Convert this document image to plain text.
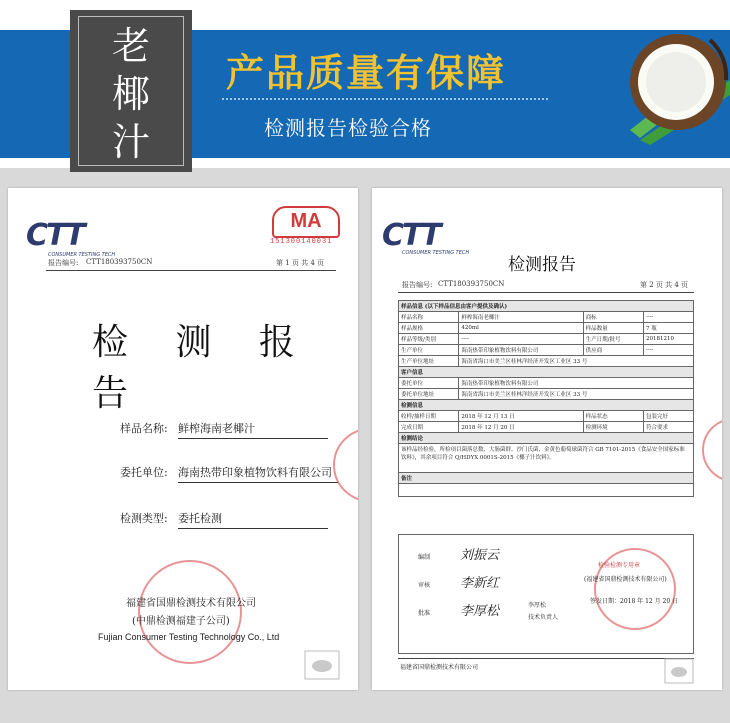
老
椰
汁
产品质量有保障
检测报告检验合格
CTT
CONSUMER TESTING TECH
MA
151300140031
报告编号: CTT180393750CN	第 1 页 共 4 页
检 测 报 告
样品名称: 鲜榨海南老椰汁
委托单位: 海南热带印象植物饮料有限公司
检测类型: 委托检测
福建省国鼎检测技术有限公司
(中鼎检测福建子公司)
Fujian Consumer Testing Technology Co., Ltd
CTT
CONSUMER TESTING TECH
检测报告
报告编号: CTT180393750CN	第 2 页 共 4 页
样品信息 (以下样品信息由客户提供及确认)			
样品名称	鲜榨海南老椰汁	商标	----
样品规格	420ml	样品数量	7 瓶
样品等级/类别	----	生产日期/批号	20181210
生产单位	海南热带印象植物饮料有限公司	供应商	----
生产单位地址	海南省海口市美兰区桂林洋经济开发区工业区 33 号		
客户信息			
委托单位	海南热带印象植物饮料有限公司		
委托单位地址	海南省海口市美兰区桂林洋经济开发区工业区 33 号		
检测信息			
收样/抽样日期	2018 年 12 月 13 日	样品状态	包装完好
完成日期	2018 年 12 月 20 日	检测环境	符合要求
检测结论			
该样品经检验，所检项目菌落总数、大肠菌群、沙门氏菌、金黄色葡萄球菌符合 GB 7101-2015《食品安全国家标准 饮料》，其余项目符合 Q/HDYX 0001S-2015《椰子汁饮料》。			
备注			

编制 刘振云
审核 李新红
批准 李厚松	李厚松
技术负责人
检验检测专用章
(福建省国鼎检测技术有限公司)
签发日期：2018 年 12 月 20 日
福建省国鼎检测技术有限公司
